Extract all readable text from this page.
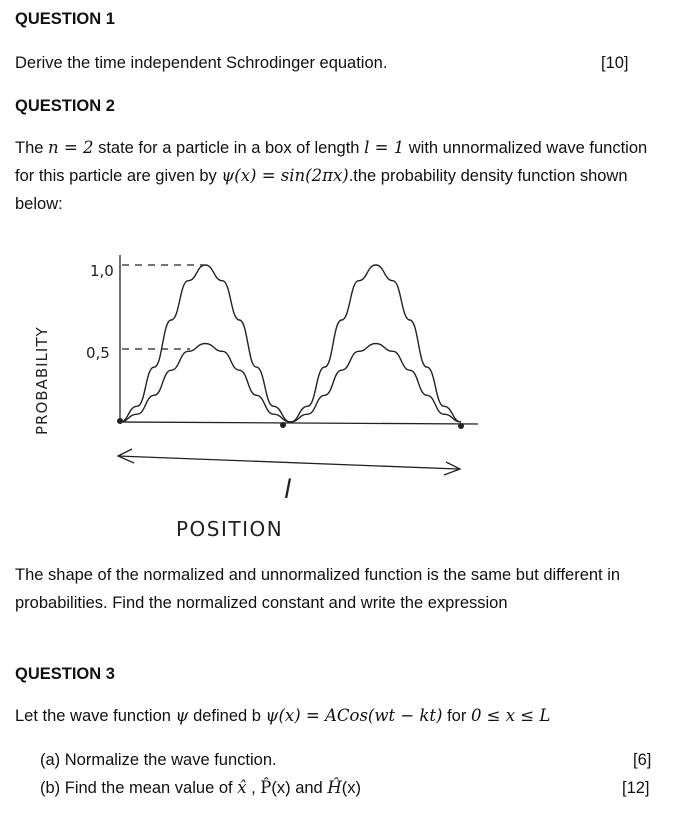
QUESTION 1
Derive the time independent Schrodinger equation.	[10]
QUESTION 2
The n = 2 state for a particle in a box of length l = 1 with unnormalized wave function for this particle are given by ψ(x) = sin(2πx).the probability density function shown below:
PROBABILITY
1,0
0,5
l
POSITION
The shape of the normalized and unnormalized function is the same but different in probabilities. Find the normalized constant and write the expression
QUESTION 3
Let the wave function ψ defined b ψ(x) = ACos(wt − kt) for 0 ≤ x ≤ L
(a) Normalize the wave function.	[6]
(b) Find the mean value of x̂ , P̂(x) and Ĥ(x)	[12]
